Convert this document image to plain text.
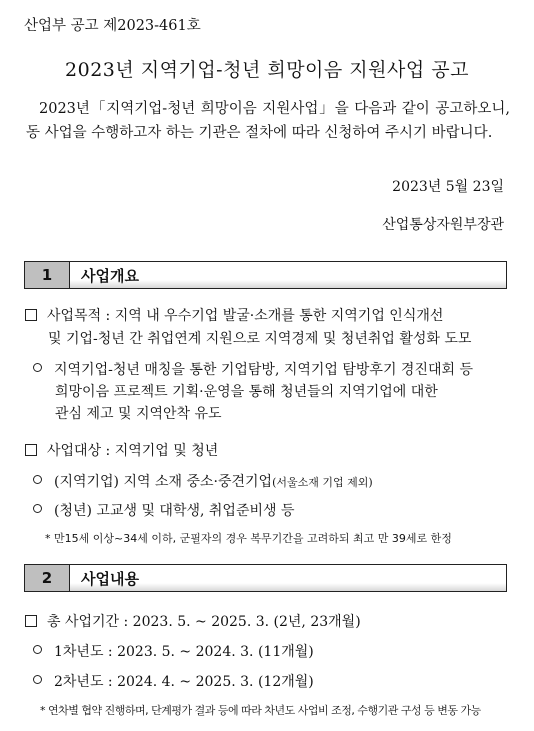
산업부 공고 제2023-461호
2023년 지역기업-청년 희망이음 지원사업 공고
2023년「지역기업-청년 희망이음 지원사업」을 다음과 같이 공고하오니, 동 사업을 수행하고자 하는 기관은 절차에 따라 신청하여 주시기 바랍니다.
2023년 5월 23일
산업통상자원부장관
1	사업개요
사업목적 : 지역 내 우수기업 발굴·소개를 통한 지역기업 인식개선
및 기업-청년 간 취업연계 지원으로 지역경제 및 청년취업 활성화 도모
지역기업-청년 매칭을 통한 기업탐방, 지역기업 탐방후기 경진대회 등
희망이음 프로젝트 기획·운영을 통해 청년들의 지역기업에 대한
관심 제고 및 지역안착 유도
사업대상 : 지역기업 및 청년
(지역기업) 지역 소재 중소·중견기업(서울소재 기업 제외)
(청년) 고교생 및 대학생, 취업준비생 등
* 만15세 이상~34세 이하, 군필자의 경우 복무기간을 고려하되 최고 만 39세로 한정
2	사업내용
총 사업기간 : 2023. 5. ~ 2025. 3. (2년, 23개월)
1차년도 : 2023. 5. ~ 2024. 3. (11개월)
2차년도 : 2024. 4. ~ 2025. 3. (12개월)
* 연차별 협약 진행하며, 단계평가 결과 등에 따라 차년도 사업비 조정, 수행기관 구성 등 변동 가능
